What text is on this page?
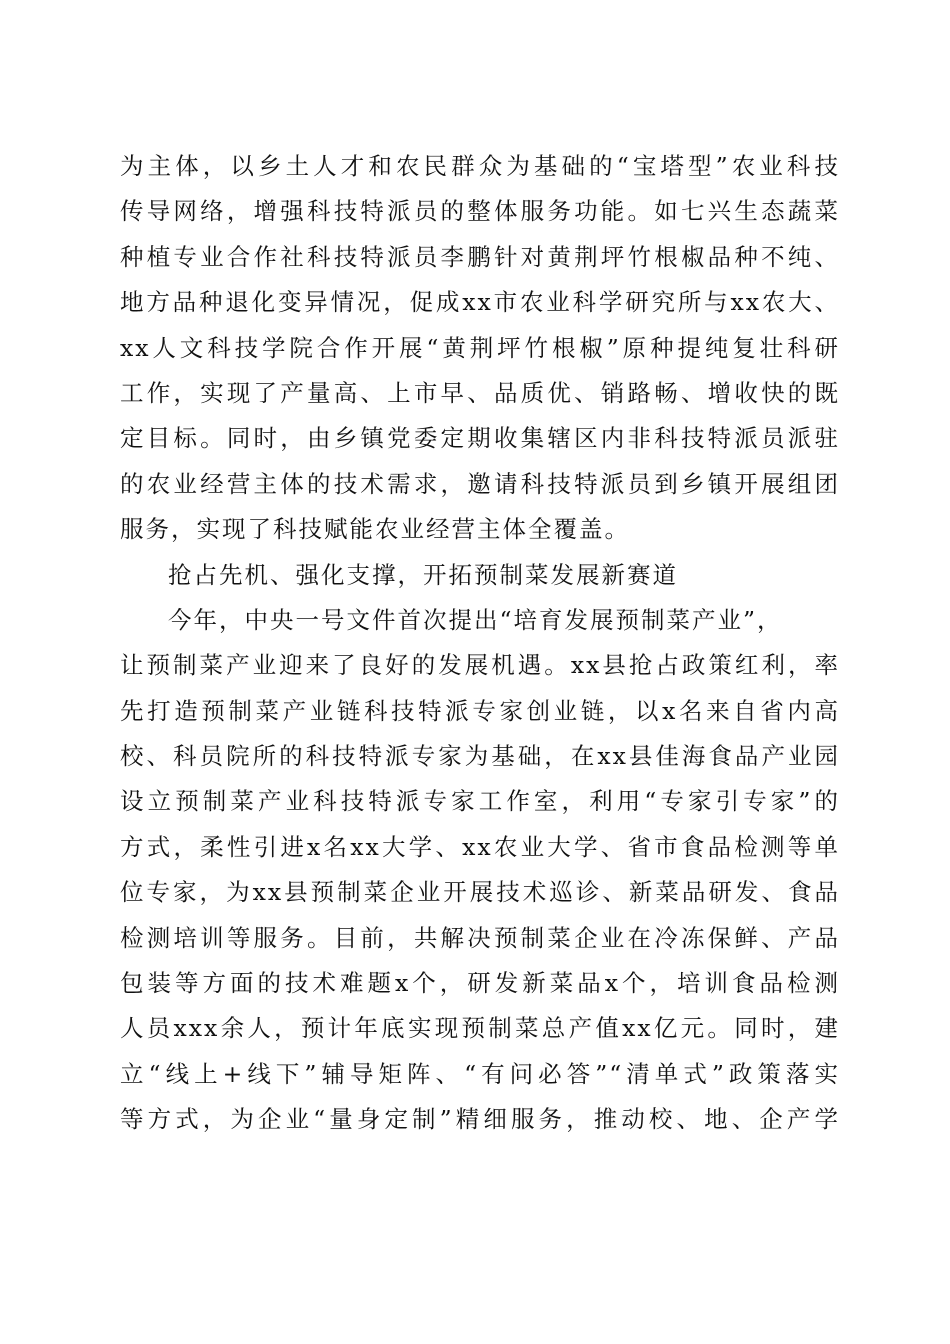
为主体，以乡土人才和农民群众为基础的“宝塔型”农业科技
传导网络，增强科技特派员的整体服务功能。如七兴生态蔬菜
种植专业合作社科技特派员李鹏针对黄荆坪竹根椒品种不纯、
地方品种退化变异情况，促成xx市农业科学研究所与xx农大、
xx人文科技学院合作开展“黄荆坪竹根椒”原种提纯复壮科研
工作，实现了产量高、上市早、品质优、销路畅、增收快的既
定目标。同时，由乡镇党委定期收集辖区内非科技特派员派驻
的农业经营主体的技术需求，邀请科技特派员到乡镇开展组团
服务，实现了科技赋能农业经营主体全覆盖。
抢占先机、强化支撑，开拓预制菜发展新赛道
今年，中央一号文件首次提出“培育发展预制菜产业”，
让预制菜产业迎来了良好的发展机遇。xx县抢占政策红利，率
先打造预制菜产业链科技特派专家创业链，以x名来自省内高
校、科员院所的科技特派专家为基础，在xx县佳海食品产业园
设立预制菜产业科技特派专家工作室，利用“专家引专家”的
方式，柔性引进x名xx大学、xx农业大学、省市食品检测等单
位专家，为xx县预制菜企业开展技术巡诊、新菜品研发、食品
检测培训等服务。目前，共解决预制菜企业在冷冻保鲜、产品
包装等方面的技术难题x个，研发新菜品x个，培训食品检测
人员xxx余人，预计年底实现预制菜总产值xx亿元。同时，建
立“线上+线下”辅导矩阵、“有问必答”“清单式”政策落实
等方式，为企业“量身定制”精细服务，推动校、地、企产学
